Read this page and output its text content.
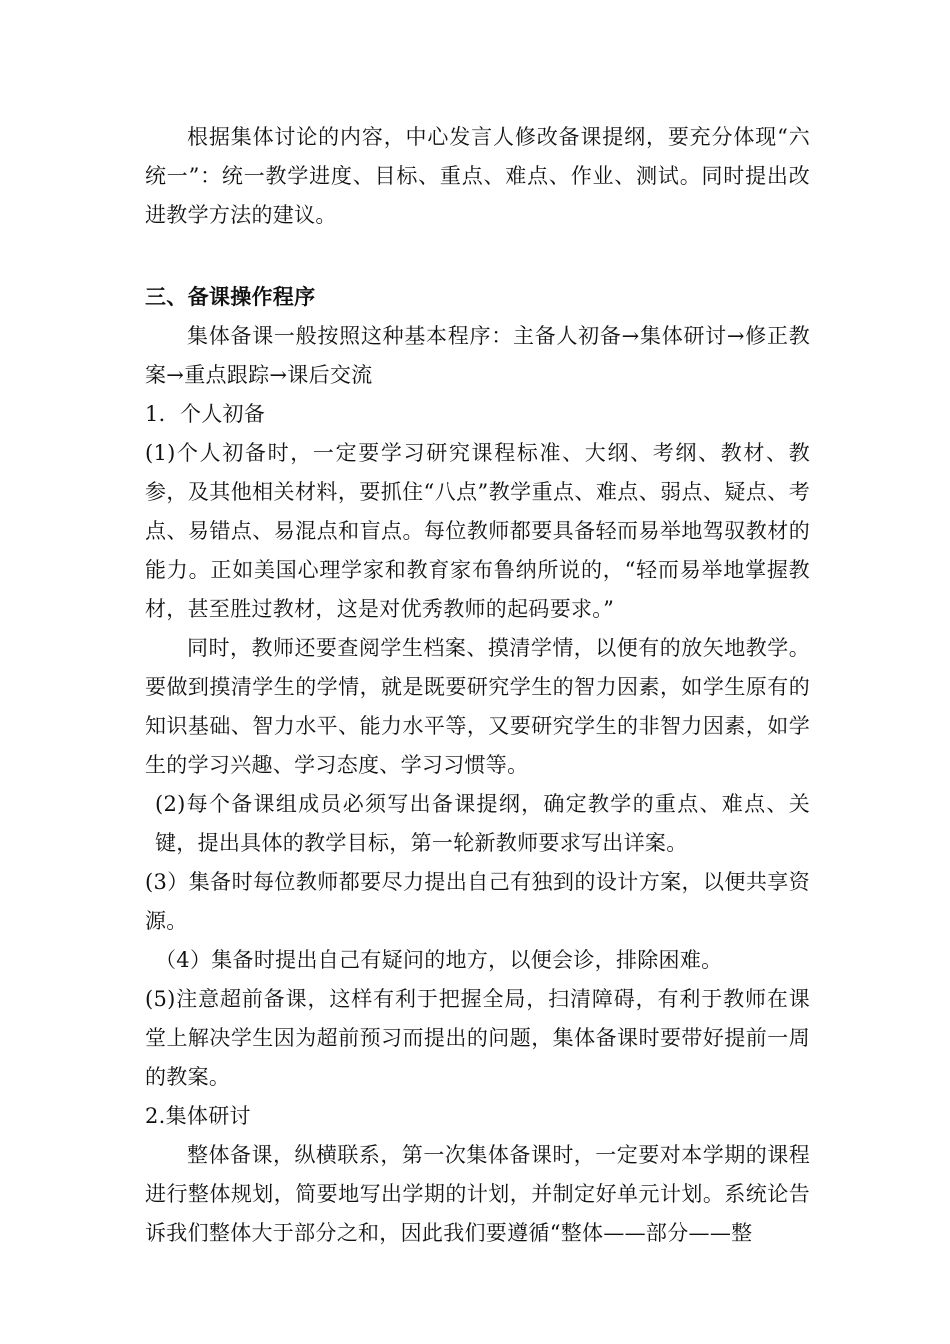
根据集体讨论的内容，中心发言人修改备课提纲，要充分体现“六统一”：统一教学进度、目标、重点、难点、作业、测试。同时提出改进教学方法的建议。

三、备课操作程序

集体备课一般按照这种基本程序：主备人初备→集体研讨→修正教案→重点跟踪→课后交流

1．个人初备

(1)个人初备时，一定要学习研究课程标准、大纲、考纲、教材、教参，及其他相关材料，要抓住“八点”教学重点、难点、弱点、疑点、考点、易错点、易混点和盲点。每位教师都要具备轻而易举地驾驭教材的能力。正如美国心理学家和教育家布鲁纳所说的，“轻而易举地掌握教材，甚至胜过教材，这是对优秀教师的起码要求。”

同时，教师还要查阅学生档案、摸清学情，以便有的放矢地教学。要做到摸清学生的学情，就是既要研究学生的智力因素，如学生原有的知识基础、智力水平、能力水平等，又要研究学生的非智力因素，如学生的学习兴趣、学习态度、学习习惯等。

(2)每个备课组成员必须写出备课提纲，确定教学的重点、难点、关键，提出具体的教学目标，第一轮新教师要求写出详案。

(3）集备时每位教师都要尽力提出自己有独到的设计方案，以便共享资源。

（4）集备时提出自己有疑问的地方，以便会诊，排除困难。

(5)注意超前备课，这样有利于把握全局，扫清障碍，有利于教师在课堂上解决学生因为超前预习而提出的问题，集体备课时要带好提前一周的教案。

2.集体研讨

整体备课，纵横联系，第一次集体备课时，一定要对本学期的课程进行整体规划，简要地写出学期的计划，并制定好单元计划。系统论告诉我们整体大于部分之和，因此我们要遵循“整体——部分——整
